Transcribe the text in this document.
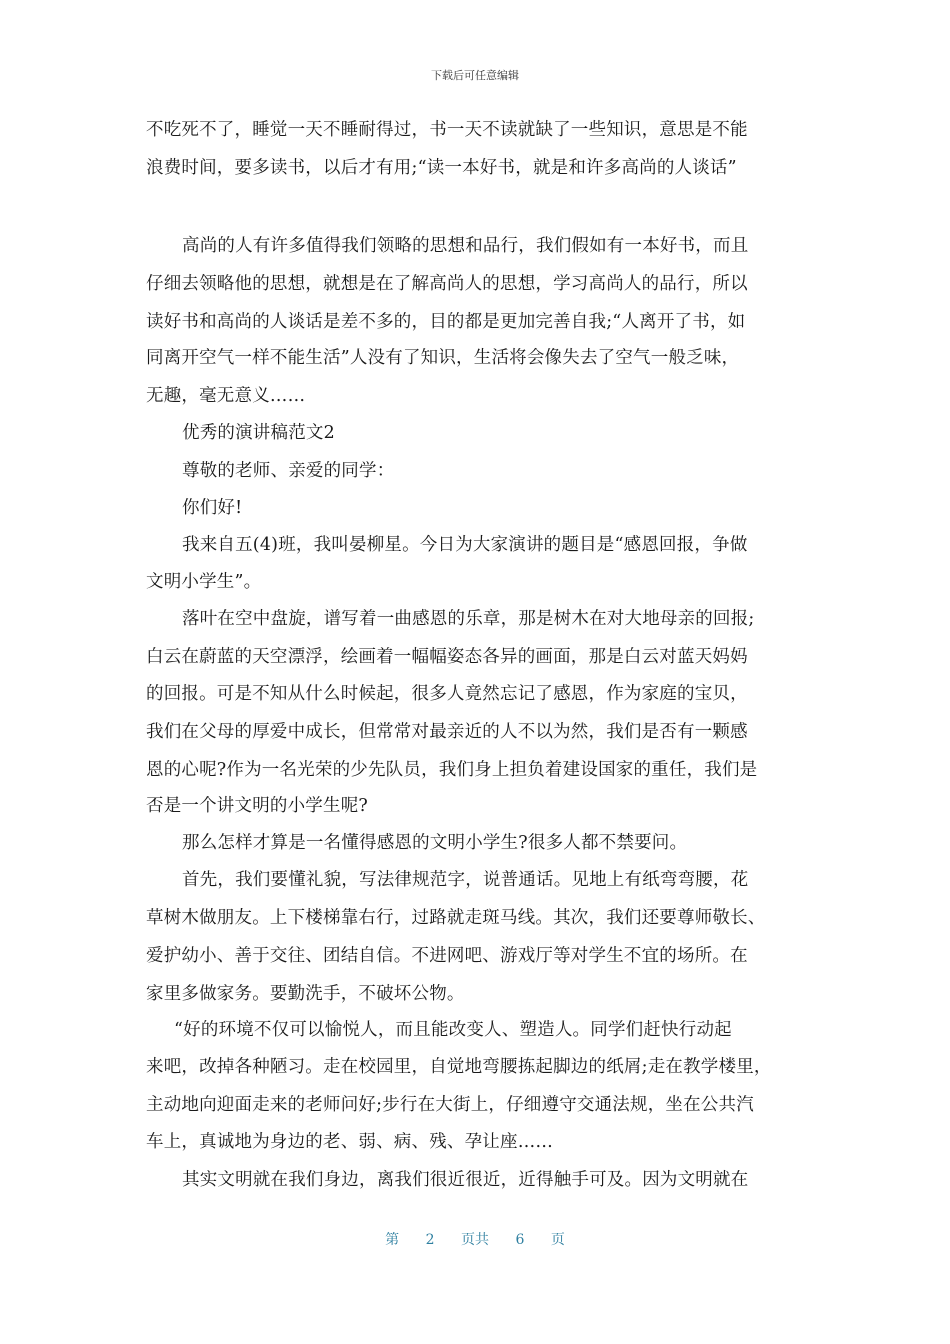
下载后可任意编辑
不吃死不了，睡觉一天不睡耐得过，书一天不读就缺了一些知识，意思是不能
浪费时间，要多读书，以后才有用;“读一本好书，就是和许多高尚的人谈话”
高尚的人有许多值得我们领略的思想和品行，我们假如有一本好书，而且
仔细去领略他的思想，就想是在了解高尚人的思想，学习高尚人的品行，所以
读好书和高尚的人谈话是差不多的，目的都是更加完善自我;“人离开了书，如
同离开空气一样不能生活”人没有了知识，生活将会像失去了空气一般乏味，
无趣，毫无意义……
优秀的演讲稿范文2
尊敬的老师、亲爱的同学：
你们好!
我来自五(4)班，我叫晏柳星。今日为大家演讲的题目是“感恩回报，争做
文明小学生”。
落叶在空中盘旋，谱写着一曲感恩的乐章，那是树木在对大地母亲的回报;
白云在蔚蓝的天空漂浮，绘画着一幅幅姿态各异的画面，那是白云对蓝天妈妈
的回报。可是不知从什么时候起，很多人竟然忘记了感恩，作为家庭的宝贝，
我们在父母的厚爱中成长，但常常对最亲近的人不以为然，我们是否有一颗感
恩的心呢?作为一名光荣的少先队员，我们身上担负着建设国家的重任，我们是
否是一个讲文明的小学生呢?
那么怎样才算是一名懂得感恩的文明小学生?很多人都不禁要问。
首先，我们要懂礼貌，写法律规范字，说普通话。见地上有纸弯弯腰，花
草树木做朋友。上下楼梯靠右行，过路就走斑马线。其次，我们还要尊师敬长、
爱护幼小、善于交往、团结自信。不进网吧、游戏厅等对学生不宜的场所。在
家里多做家务。要勤洗手，不破坏公物。
“好的环境不仅可以愉悦人，而且能改变人、塑造人。同学们赶快行动起
来吧，改掉各种陋习。走在校园里，自觉地弯腰拣起脚边的纸屑;走在教学楼里，
主动地向迎面走来的老师问好;步行在大街上，仔细遵守交通法规，坐在公共汽
车上，真诚地为身边的老、弱、病、残、孕让座……
其实文明就在我们身边，离我们很近很近，近得触手可及。因为文明就在
第 2 页共 6 页
